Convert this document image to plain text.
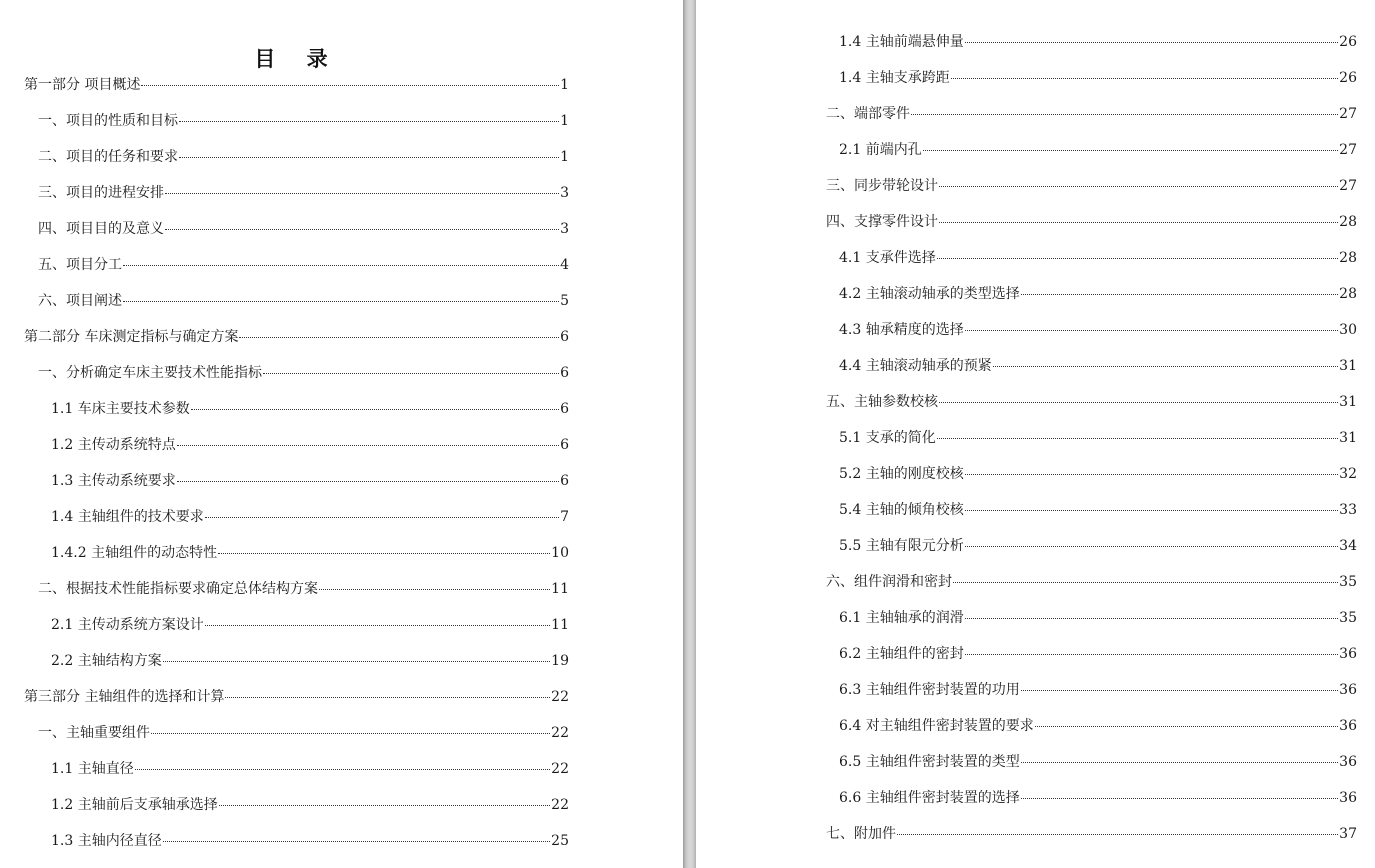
目 录
第一部分 项目概述	1
一、项目的性质和目标	1
二、项目的任务和要求	1
三、项目的进程安排	3
四、项目目的及意义	3
五、项目分工	4
六、项目阐述	5
第二部分 车床测定指标与确定方案	6
一、分析确定车床主要技术性能指标	6
1.1 车床主要技术参数	6
1.2 主传动系统特点	6
1.3 主传动系统要求	6
1.4 主轴组件的技术要求	7
1.4.2 主轴组件的动态特性	10
二、根据技术性能指标要求确定总体结构方案	11
2.1 主传动系统方案设计	11
2.2 主轴结构方案	19
第三部分 主轴组件的选择和计算	22
一、主轴重要组件	22
1.1 主轴直径	22
1.2 主轴前后支承轴承选择	22
1.3 主轴内径直径	25
1.4 主轴前端悬伸量	26
1.4 主轴支承跨距	26
二、端部零件	27
2.1 前端内孔	27
三、同步带轮设计	27
四、支撑零件设计	28
4.1 支承件选择	28
4.2 主轴滚动轴承的类型选择	28
4.3 轴承精度的选择	30
4.4 主轴滚动轴承的预紧	31
五、主轴参数校核	31
5.1 支承的简化	31
5.2 主轴的刚度校核	32
5.4 主轴的倾角校核	33
5.5 主轴有限元分析	34
六、组件润滑和密封	35
6.1 主轴轴承的润滑	35
6.2 主轴组件的密封	36
6.3 主轴组件密封装置的功用	36
6.4 对主轴组件密封装置的要求	36
6.5 主轴组件密封装置的类型	36
6.6 主轴组件密封装置的选择	36
七、附加件	37
